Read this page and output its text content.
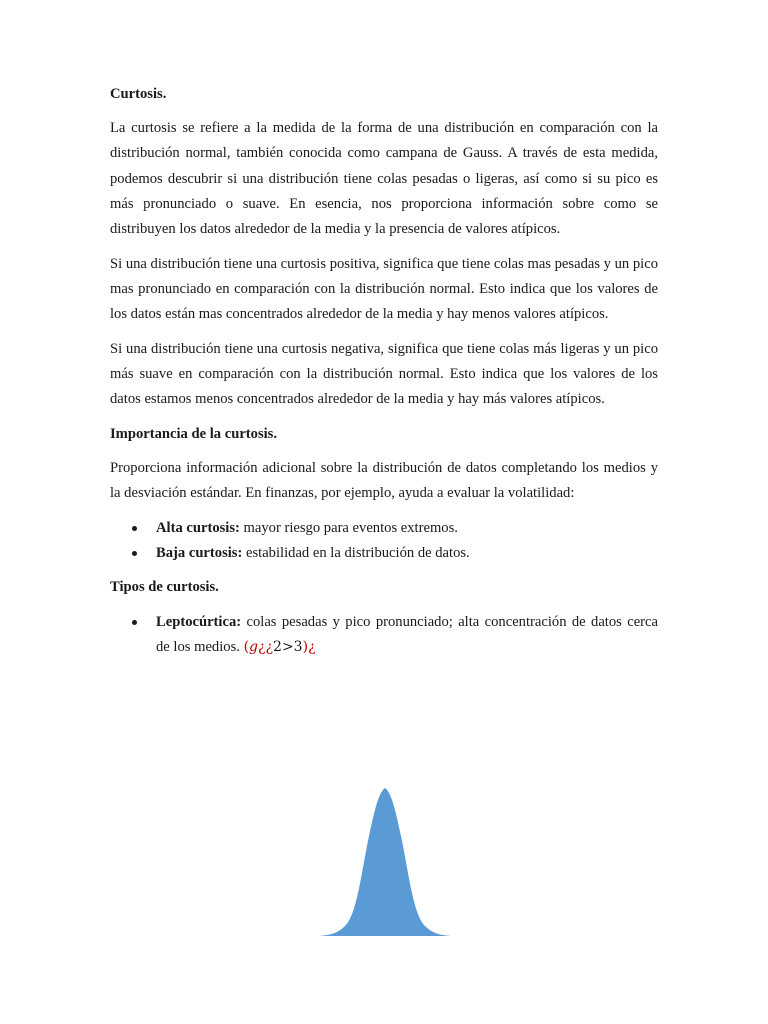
Curtosis.

La curtosis se refiere a la medida de la forma de una distribución en comparación con la distribución normal, también conocida como campana de Gauss. A través de esta medida, podemos descubrir si una distribución tiene colas pesadas o ligeras, así como si su pico es más pronunciado o suave. En esencia, nos proporciona información sobre como se distribuyen los datos alrededor de la media y la presencia de valores atípicos.

Si una distribución tiene una curtosis positiva, significa que tiene colas mas pesadas y un pico mas pronunciado en comparación con la distribución normal. Esto indica que los valores de los datos están mas concentrados alrededor de la media y hay menos valores atípicos.

Si una distribución tiene una curtosis negativa, significa que tiene colas más ligeras y un pico más suave en comparación con la distribución normal. Esto indica que los valores de los datos estamos menos concentrados alrededor de la media y hay más valores atípicos.

Importancia de la curtosis.

Proporciona información adicional sobre la distribución de datos completando los medios y la desviación estándar. En finanzas, por ejemplo, ayuda a evaluar la volatilidad:

Alta curtosis: mayor riesgo para eventos extremos.
Baja curtosis: estabilidad en la distribución de datos.

Tipos de curtosis.

Leptocúrtica: colas pesadas y pico pronunciado; alta concentración de datos cerca de los medios. (g¿¿2>3)¿
